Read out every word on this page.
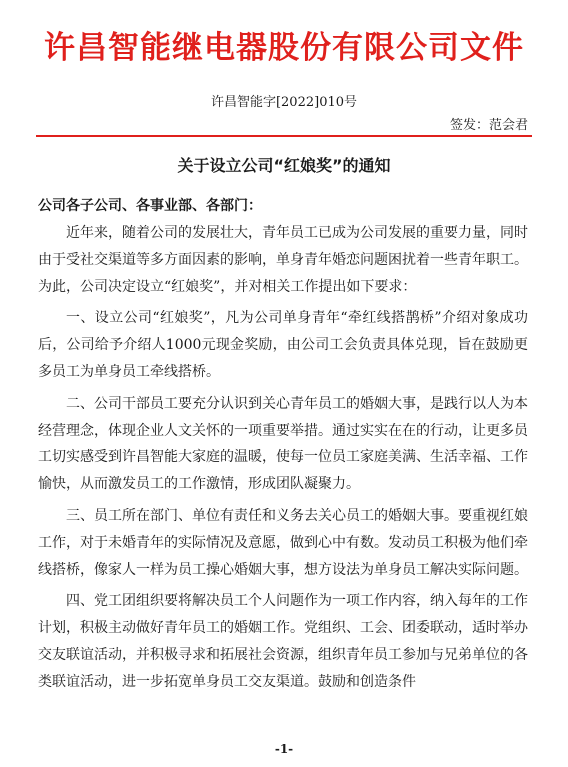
许昌智能继电器股份有限公司文件
许昌智能字[2022]010号
签发：范会君
关于设立公司“红娘奖”的通知

公司各子公司、各事业部、各部门：

近年来，随着公司的发展壮大，青年员工已成为公司发展的重要力量，同时由于受社交渠道等多方面因素的影响，单身青年婚恋问题困扰着一些青年职工。为此，公司决定设立“红娘奖”，并对相关工作提出如下要求：

一、设立公司“红娘奖”，凡为公司单身青年“牵红线搭鹊桥”介绍对象成功后，公司给予介绍人1000元现金奖励，由公司工会负责具体兑现，旨在鼓励更多员工为单身员工牵线搭桥。

二、公司干部员工要充分认识到关心青年员工的婚姻大事，是践行以人为本经营理念，体现企业人文关怀的一项重要举措。通过实实在在的行动，让更多员工切实感受到许昌智能大家庭的温暖，使每一位员工家庭美满、生活幸福、工作愉快，从而激发员工的工作激情，形成团队凝聚力。

三、员工所在部门、单位有责任和义务去关心员工的婚姻大事。要重视红娘工作，对于未婚青年的实际情况及意愿，做到心中有数。发动员工积极为他们牵线搭桥，像家人一样为员工操心婚姻大事，想方设法为单身员工解决实际问题。

四、党工团组织要将解决员工个人问题作为一项工作内容，纳入每年的工作计划，积极主动做好青年员工的婚姻工作。党组织、工会、团委联动，适时举办交友联谊活动，并积极寻求和拓展社会资源，组织青年员工参加与兄弟单位的各类联谊活动，进一步拓宽单身员工交友渠道。鼓励和创造条件

-1-
